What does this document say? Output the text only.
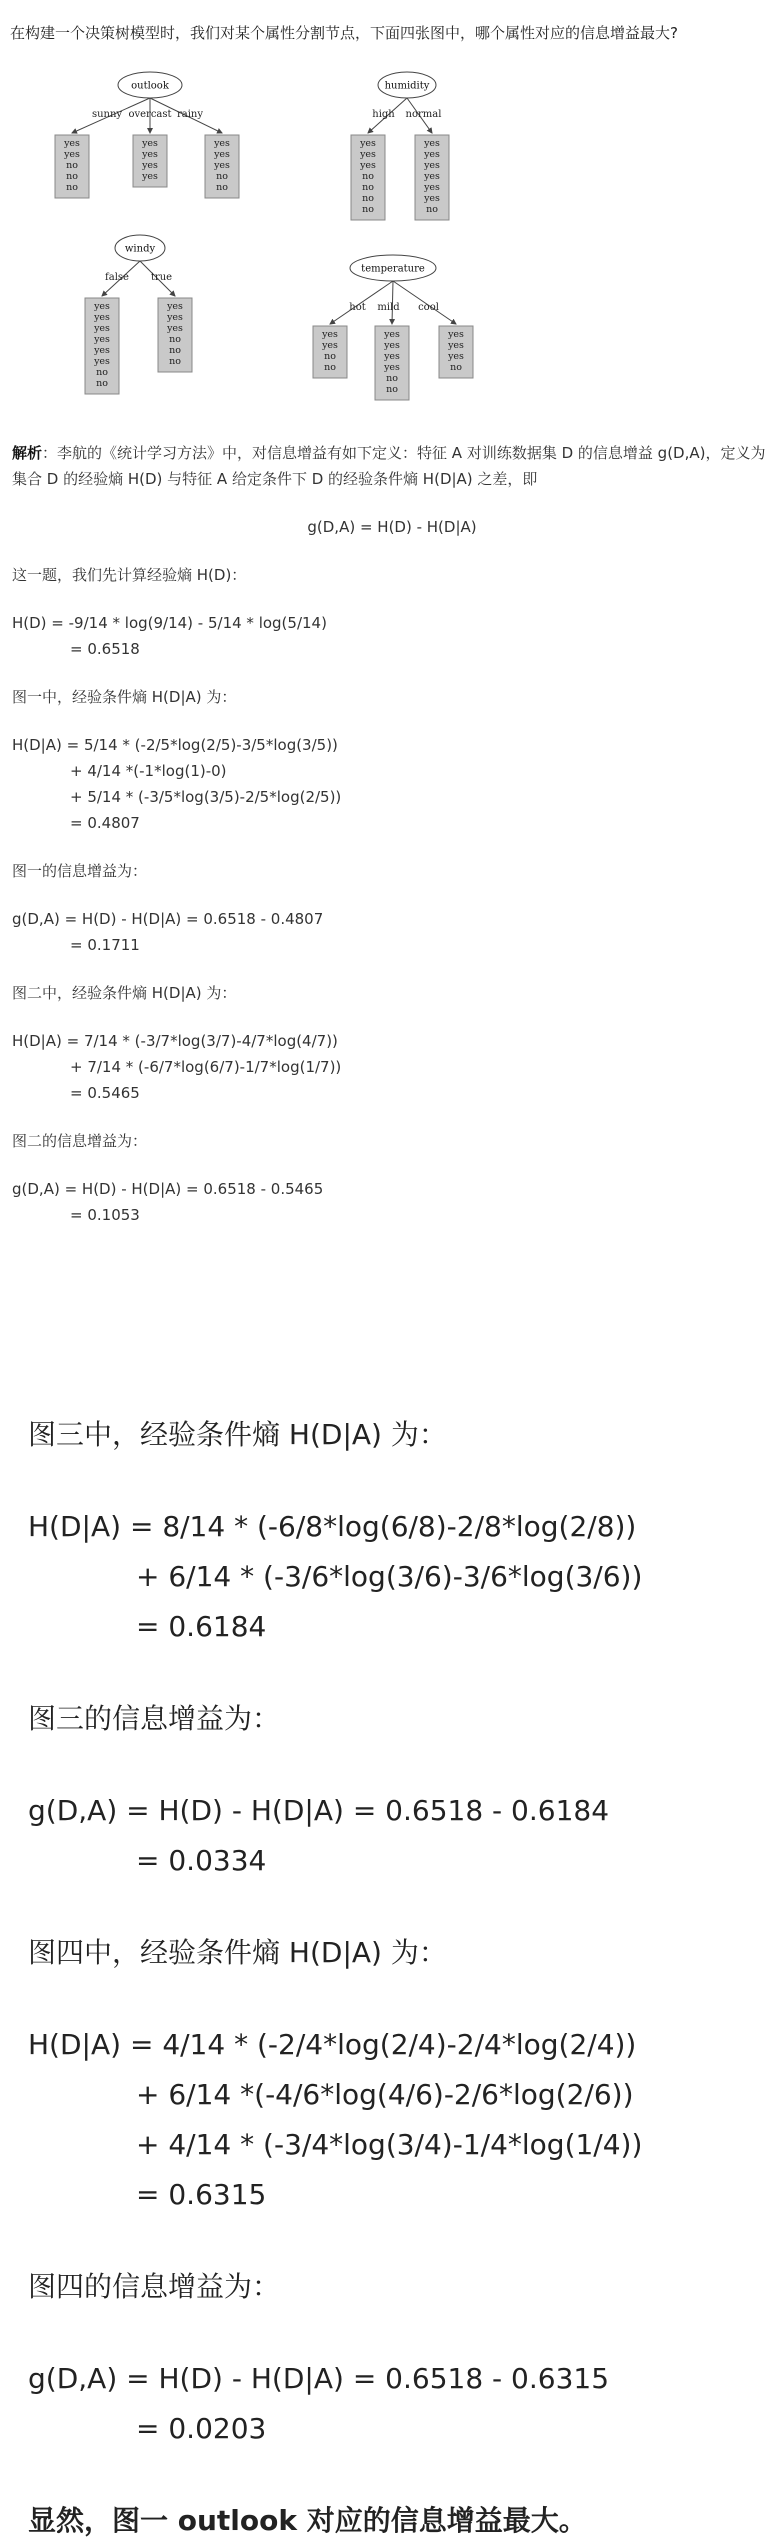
在构建一个决策树模型时，我们对某个属性分割节点，下面四张图中，哪个属性对应的信息增益最大?
sunny
yes
yes
no
no
no
overcast
yes
yes
yes
yes
rainy
yes
yes
yes
no
no
outlook
high
yes
yes
yes
no
no
no
no
normal
yes
yes
yes
yes
yes
yes
no
humidity
false
yes
yes
yes
yes
yes
yes
no
no
true
yes
yes
yes
no
no
no
windy
hot
yes
yes
no
no
mild
yes
yes
yes
yes
no
no
cool
yes
yes
yes
no
temperature

解析：李航的《统计学习方法》中，对信息增益有如下定义：特征 A 对训练数据集 D 的信息增益 g(D,A)，定义为集合 D 的经验熵 H(D) 与特征 A 给定条件下 D 的经验条件熵 H(D|A) 之差，即

g(D,A) = H(D) - H(D|A)

这一题，我们先计算经验熵 H(D)：

H(D) = -9/14 * log(9/14) - 5/14 * log(5/14)

= 0.6518

图一中，经验条件熵 H(D|A) 为：

H(D|A) = 5/14 * (-2/5*log(2/5)-3/5*log(3/5))

+ 4/14 *(-1*log(1)-0)

+ 5/14 * (-3/5*log(3/5)-2/5*log(2/5))

= 0.4807

图一的信息增益为：

g(D,A) = H(D) - H(D|A) = 0.6518 - 0.4807

= 0.1711

图二中，经验条件熵 H(D|A) 为：

H(D|A) = 7/14 * (-3/7*log(3/7)-4/7*log(4/7))

+ 7/14 * (-6/7*log(6/7)-1/7*log(1/7))

= 0.5465

图二的信息增益为：

g(D,A) = H(D) - H(D|A) = 0.6518 - 0.5465

= 0.1053

图三中，经验条件熵 H(D|A) 为：

H(D|A) = 8/14 * (-6/8*log(6/8)-2/8*log(2/8))

+ 6/14 * (-3/6*log(3/6)-3/6*log(3/6))

= 0.6184

图三的信息增益为：

g(D,A) = H(D) - H(D|A) = 0.6518 - 0.6184

= 0.0334

图四中，经验条件熵 H(D|A) 为：

H(D|A) = 4/14 * (-2/4*log(2/4)-2/4*log(2/4))

+ 6/14 *(-4/6*log(4/6)-2/6*log(2/6))

+ 4/14 * (-3/4*log(3/4)-1/4*log(1/4))

= 0.6315

图四的信息增益为：

g(D,A) = H(D) - H(D|A) = 0.6518 - 0.6315

= 0.0203

显然，图一 outlook 对应的信息增益最大。
